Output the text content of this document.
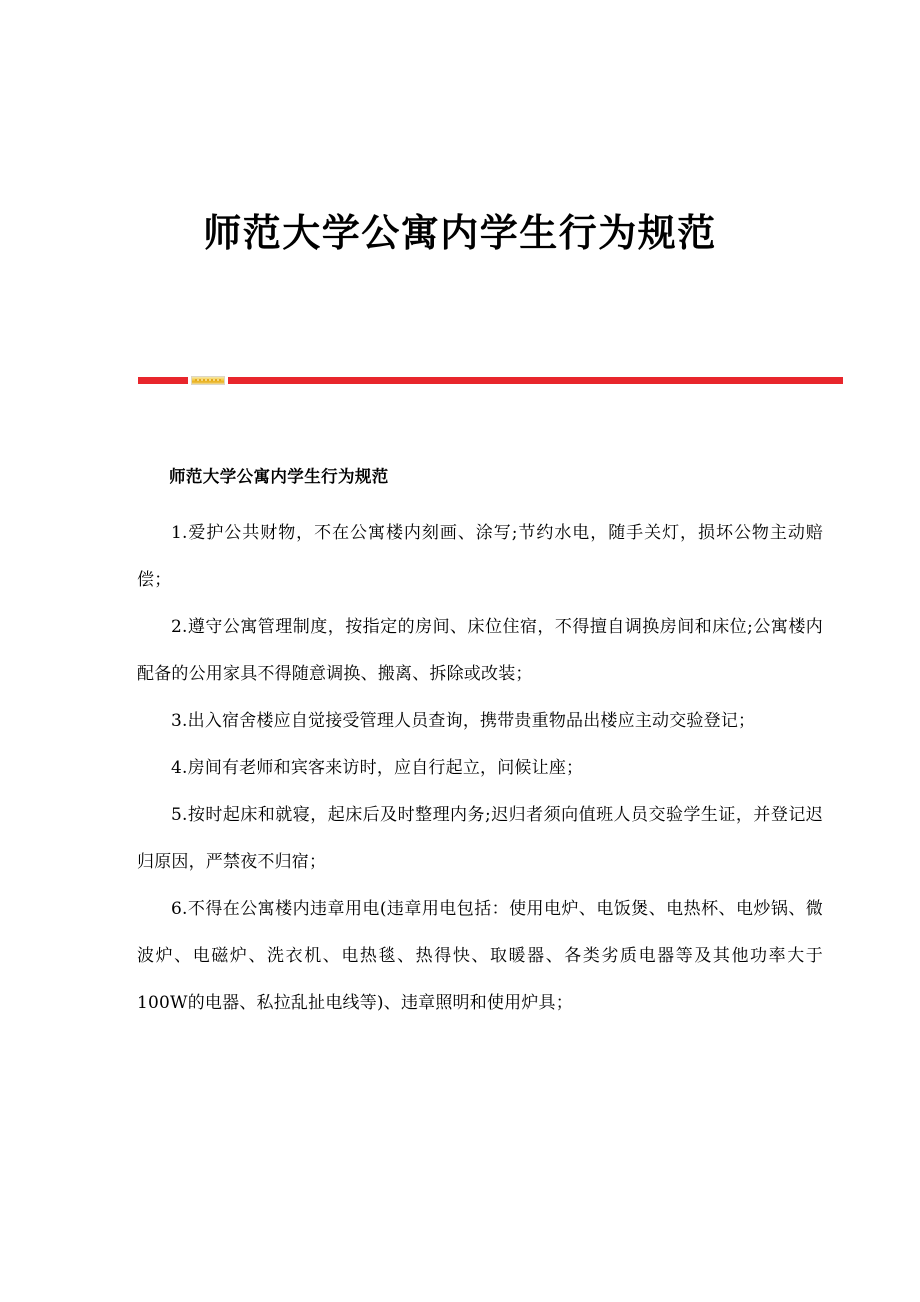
师范大学公寓内学生行为规范
师范大学公寓内学生行为规范

1.爱护公共财物，不在公寓楼内刻画、涂写;节约水电，随手关灯，损坏公物主动赔偿；

2.遵守公寓管理制度，按指定的房间、床位住宿，不得擅自调换房间和床位;公寓楼内配备的公用家具不得随意调换、搬离、拆除或改装；

3.出入宿舍楼应自觉接受管理人员查询，携带贵重物品出楼应主动交验登记；

4.房间有老师和宾客来访时，应自行起立，问候让座；

5.按时起床和就寝，起床后及时整理内务;迟归者须向值班人员交验学生证，并登记迟归原因，严禁夜不归宿；

6.不得在公寓楼内违章用电(违章用电包括：使用电炉、电饭煲、电热杯、电炒锅、微波炉、电磁炉、洗衣机、电热毯、热得快、取暖器、各类劣质电器等及其他功率大于100W的电器、私拉乱扯电线等)、违章照明和使用炉具；
